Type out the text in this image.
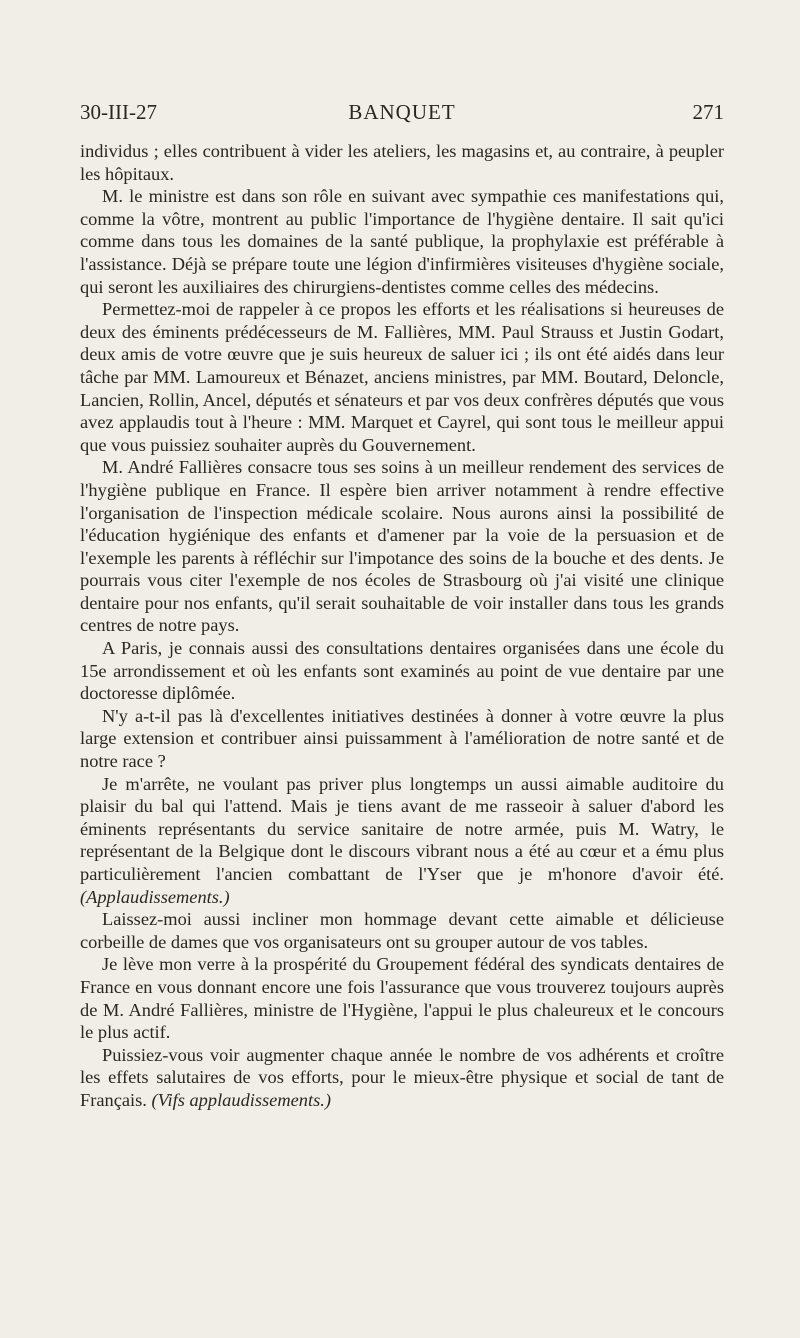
30-III-27	BANQUET	271

individus ; elles contribuent à vider les ateliers, les magasins et, au contraire, à peupler les hôpitaux.

M. le ministre est dans son rôle en suivant avec sympathie ces manifestations qui, comme la vôtre, montrent au public l'importance de l'hygiène dentaire. Il sait qu'ici comme dans tous les domaines de la santé publique, la prophylaxie est préférable à l'assistance. Déjà se prépare toute une légion d'infirmières visiteuses d'hygiène sociale, qui seront les auxiliaires des chirurgiens-dentistes comme celles des médecins.

Permettez-moi de rappeler à ce propos les efforts et les réalisations si heureuses de deux des éminents prédécesseurs de M. Fallières, MM. Paul Strauss et Justin Godart, deux amis de votre œuvre que je suis heureux de saluer ici ; ils ont été aidés dans leur tâche par MM. Lamoureux et Bénazet, anciens ministres, par MM. Boutard, Deloncle, Lancien, Rollin, Ancel, députés et sénateurs et par vos deux confrères députés que vous avez applaudis tout à l'heure : MM. Marquet et Cayrel, qui sont tous le meilleur appui que vous puissiez souhaiter auprès du Gouvernement.

M. André Fallières consacre tous ses soins à un meilleur rendement des services de l'hygiène publique en France. Il espère bien arriver notamment à rendre effective l'organisation de l'inspection médicale scolaire. Nous aurons ainsi la possibilité de l'éducation hygiénique des enfants et d'amener par la voie de la persuasion et de l'exemple les parents à réfléchir sur l'impotance des soins de la bouche et des dents. Je pourrais vous citer l'exemple de nos écoles de Strasbourg où j'ai visité une clinique dentaire pour nos enfants, qu'il serait souhaitable de voir installer dans tous les grands centres de notre pays.

A Paris, je connais aussi des consultations dentaires organisées dans une école du 15e arrondissement et où les enfants sont examinés au point de vue dentaire par une doctoresse diplômée.

N'y a-t-il pas là d'excellentes initiatives destinées à donner à votre œuvre la plus large extension et contribuer ainsi puissamment à l'amélioration de notre santé et de notre race ?

Je m'arrête, ne voulant pas priver plus longtemps un aussi aimable auditoire du plaisir du bal qui l'attend. Mais je tiens avant de me rasseoir à saluer d'abord les éminents représentants du service sanitaire de notre armée, puis M. Watry, le représentant de la Belgique dont le discours vibrant nous a été au cœur et a ému plus particulièrement l'ancien combattant de l'Yser que je m'honore d'avoir été. (Applaudissements.)

Laissez-moi aussi incliner mon hommage devant cette aimable et délicieuse corbeille de dames que vos organisateurs ont su grouper autour de vos tables.

Je lève mon verre à la prospérité du Groupement fédéral des syndicats dentaires de France en vous donnant encore une fois l'assurance que vous trouverez toujours auprès de M. André Fallières, ministre de l'Hygiène, l'appui le plus chaleureux et le concours le plus actif.

Puissiez-vous voir augmenter chaque année le nombre de vos adhérents et croître les effets salutaires de vos efforts, pour le mieux-être physique et social de tant de Français. (Vifs applaudissements.)
